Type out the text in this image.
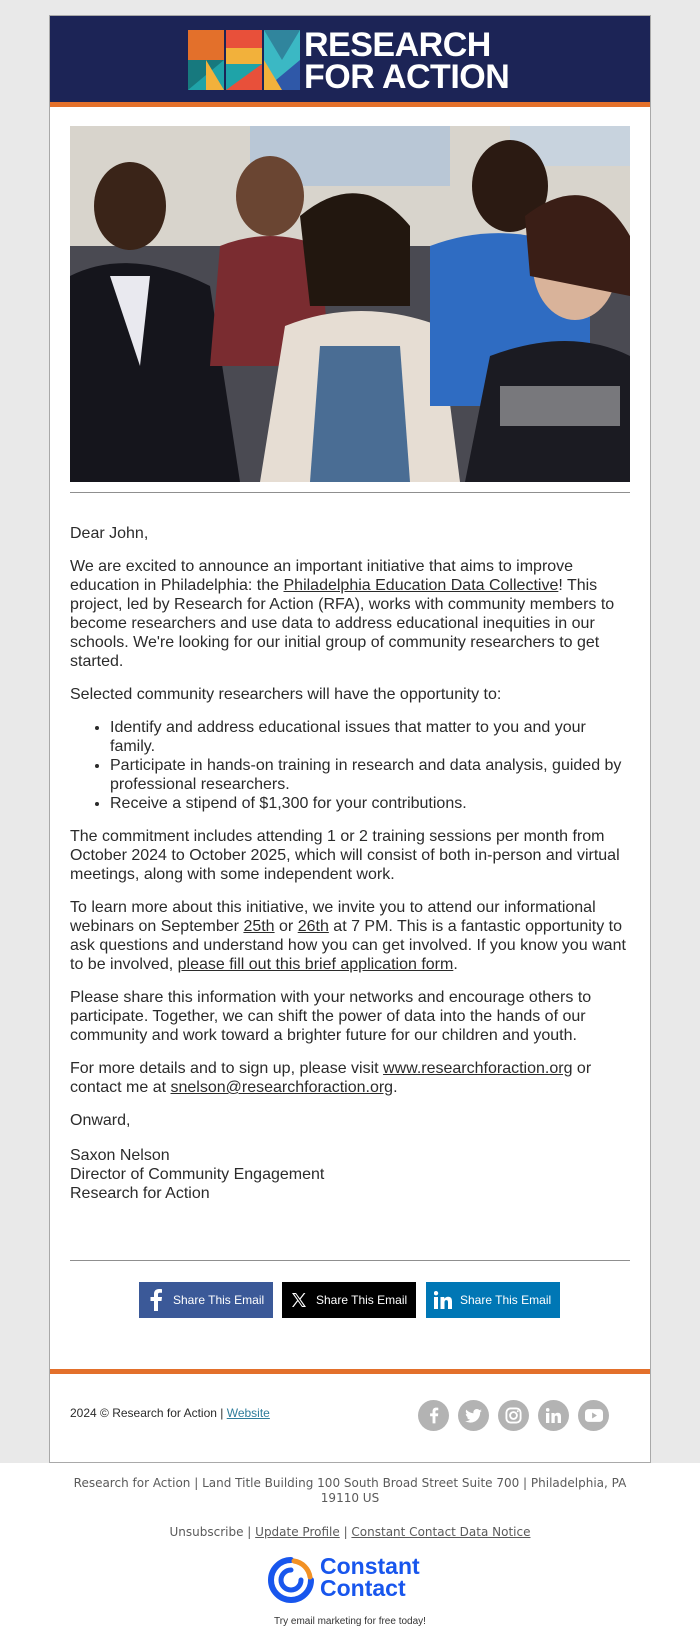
RESEARCH
FOR ACTION

Dear John,

We are excited to announce an important initiative that aims to improve education in Philadelphia: the Philadelphia Education Data Collective! This project, led by Research for Action (RFA), works with community members to become researchers and use data to address educational inequities in our schools. We're looking for our initial group of community researchers to get started.

Selected community researchers will have the opportunity to:

• Identify and address educational issues that matter to you and your family.
• Participate in hands-on training in research and data analysis, guided by professional researchers.
• Receive a stipend of $1,300 for your contributions.

The commitment includes attending 1 or 2 training sessions per month from October 2024 to October 2025, which will consist of both in-person and virtual meetings, along with some independent work.

To learn more about this initiative, we invite you to attend our informational webinars on September 25th or 26th at 7 PM. This is a fantastic opportunity to ask questions and understand how you can get involved. If you know you want to be involved, please fill out this brief application form.

Please share this information with your networks and encourage others to participate. Together, we can shift the power of data into the hands of our community and work toward a brighter future for our children and youth.

For more details and to sign up, please visit www.researchforaction.org or contact me at snelson@researchforaction.org.

Onward,

Saxon Nelson
Director of Community Engagement
Research for Action
Share This Email	Share This Email	Share This Email
2024 © Research for Action | Website
Research for Action | Land Title Building 100 South Broad Street Suite 700 | Philadelphia, PA 19110 US
Unsubscribe | Update Profile | Constant Contact Data Notice
Constant
Contact
Try email marketing for free today!
